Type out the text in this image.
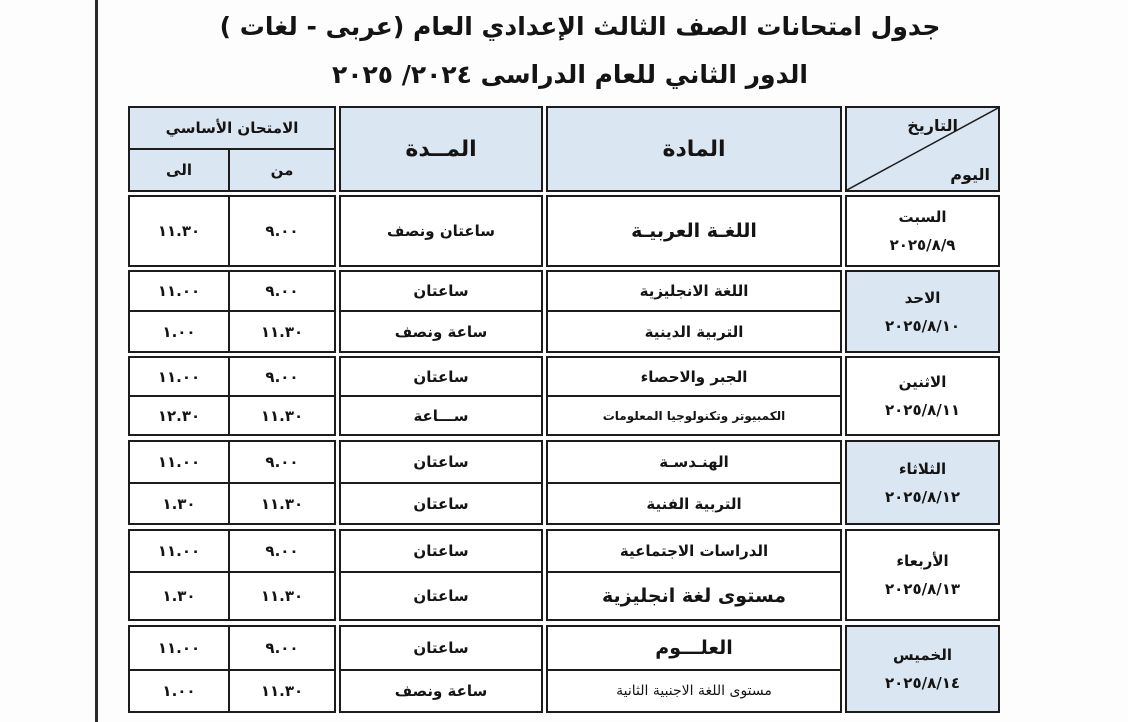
جدول امتحانات الصف الثالث الإعدادي العام (عربى - لغات )
الدور الثاني للعام الدراسى ٢٠٢٤/ ٢٠٢٥
اليوم
التاريخ
المادة
المــدة
الامتحان الأساسي
من
الى
السبت
٢٠٢٥/٨/٩
اللغـة العربيـة
ساعتان ونصف
٩.٠٠
١١.٣٠
الاحد
٢٠٢٥/٨/١٠
اللغة الانجليزية
ساعتان
٩.٠٠
١١.٠٠
التربية الدينية
ساعة ونصف
١١.٣٠
١.٠٠
الاثنين
٢٠٢٥/٨/١١
الجبر والاحصاء
ساعتان
٩.٠٠
١١.٠٠
الكمبيوتر وتكنولوجيا المعلومات
ســـاعة
١١.٣٠
١٢.٣٠
الثلاثاء
٢٠٢٥/٨/١٢
الهنـدسـة
ساعتان
٩.٠٠
١١.٠٠
التربية الفنية
ساعتان
١١.٣٠
١.٣٠
الأربعاء
٢٠٢٥/٨/١٣
الدراسات الاجتماعية
ساعتان
٩.٠٠
١١.٠٠
مستوى لغة انجليزية
ساعتان
١١.٣٠
١.٣٠
الخميس
٢٠٢٥/٨/١٤
العلـــوم
ساعتان
٩.٠٠
١١.٠٠
مستوى اللغة الاجنبية الثانية
ساعة ونصف
١١.٣٠
١.٠٠
